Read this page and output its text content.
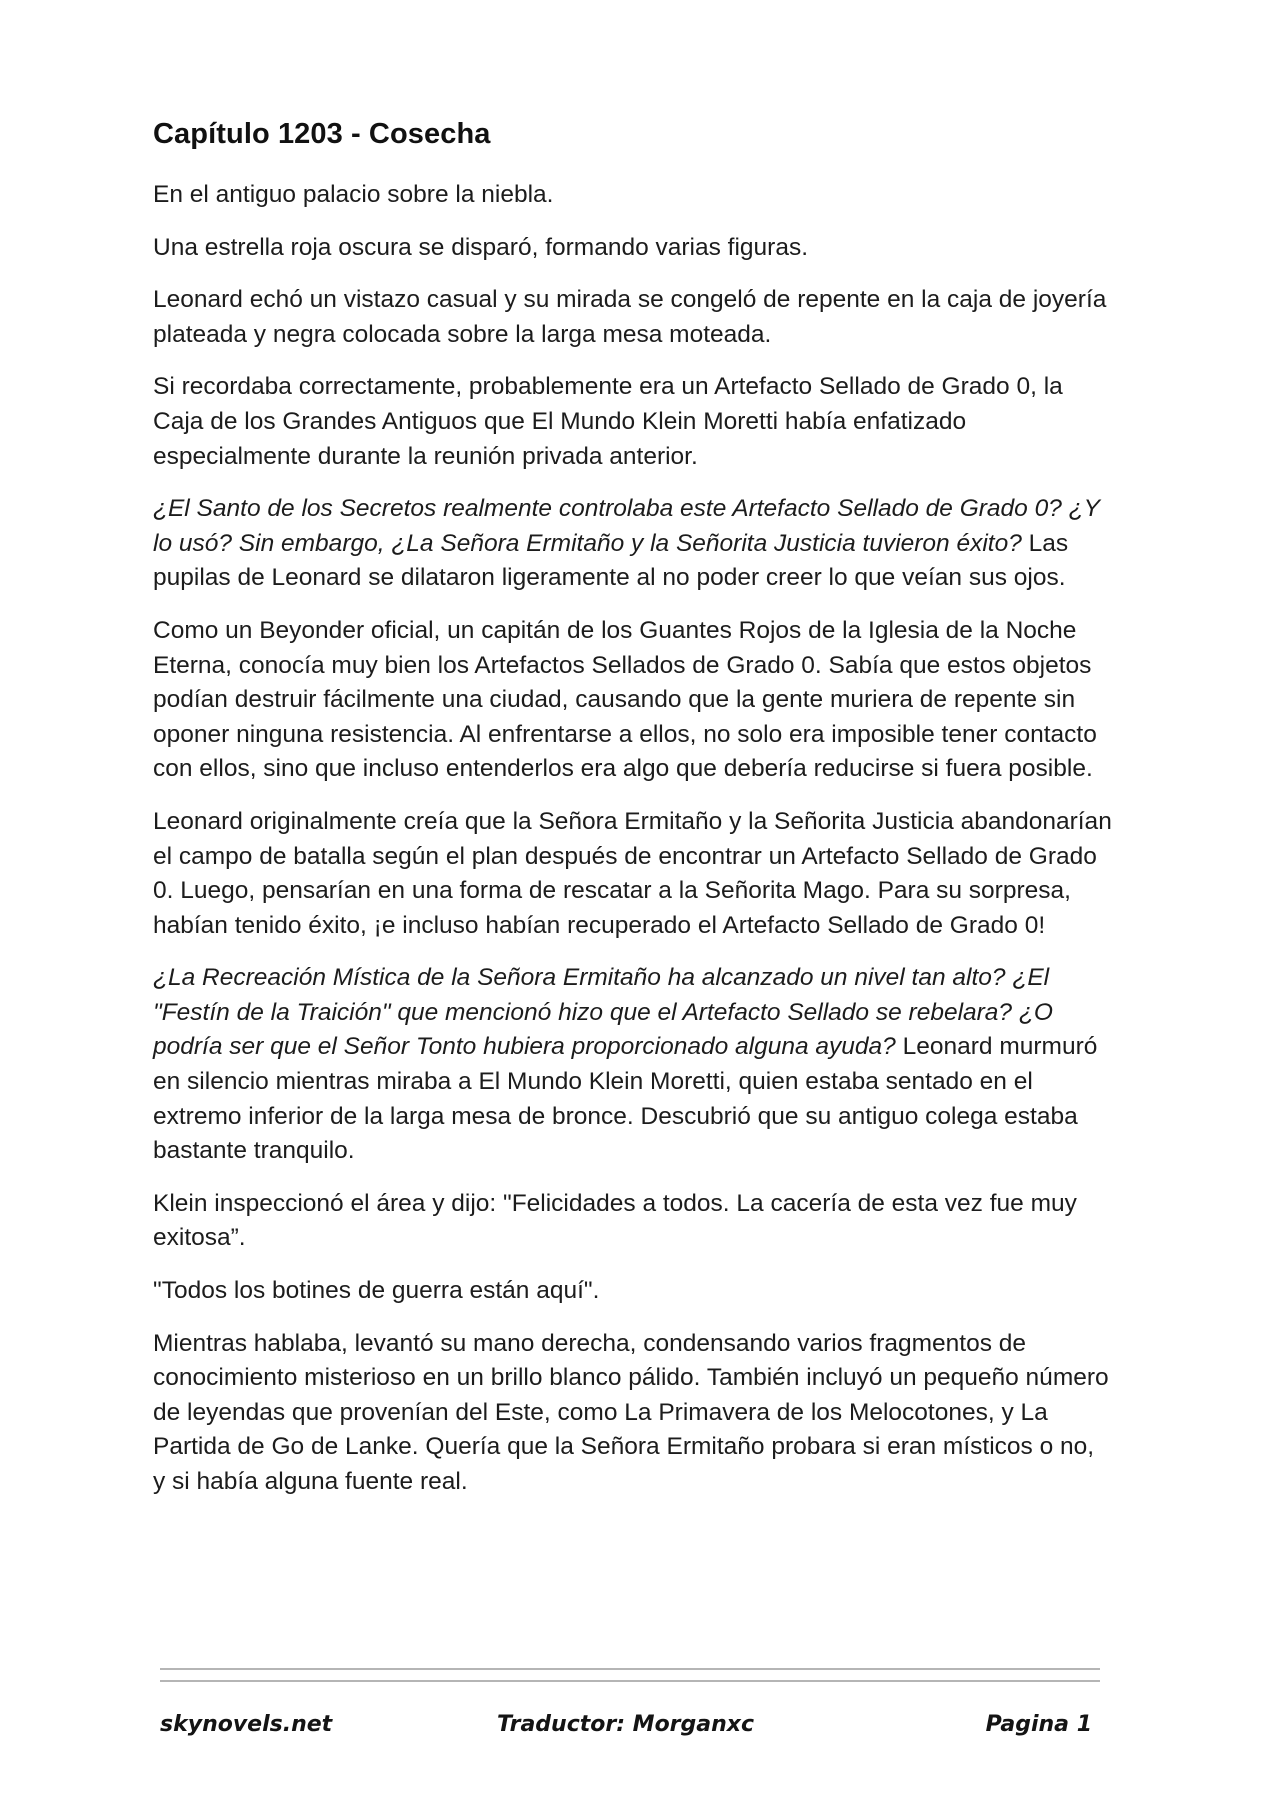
Capítulo 1203 - Cosecha

En el antiguo palacio sobre la niebla.

Una estrella roja oscura se disparó, formando varias figuras.

Leonard echó un vistazo casual y su mirada se congeló de repente en la caja de joyería plateada y negra colocada sobre la larga mesa moteada.

Si recordaba correctamente, probablemente era un Artefacto Sellado de Grado 0, la Caja de los Grandes Antiguos que El Mundo Klein Moretti había enfatizado especialmente durante la reunión privada anterior.

¿El Santo de los Secretos realmente controlaba este Artefacto Sellado de Grado 0? ¿Y lo usó? Sin embargo, ¿La Señora Ermitaño y la Señorita Justicia tuvieron éxito? Las pupilas de Leonard se dilataron ligeramente al no poder creer lo que veían sus ojos.

Como un Beyonder oficial, un capitán de los Guantes Rojos de la Iglesia de la Noche Eterna, conocía muy bien los Artefactos Sellados de Grado 0. Sabía que estos objetos podían destruir fácilmente una ciudad, causando que la gente muriera de repente sin oponer ninguna resistencia. Al enfrentarse a ellos, no solo era imposible tener contacto con ellos, sino que incluso entenderlos era algo que debería reducirse si fuera posible.

Leonard originalmente creía que la Señora Ermitaño y la Señorita Justicia abandonarían el campo de batalla según el plan después de encontrar un Artefacto Sellado de Grado 0. Luego, pensarían en una forma de rescatar a la Señorita Mago. Para su sorpresa, habían tenido éxito, ¡e incluso habían recuperado el Artefacto Sellado de Grado 0!

¿La Recreación Mística de la Señora Ermitaño ha alcanzado un nivel tan alto? ¿El "Festín de la Traición" que mencionó hizo que el Artefacto Sellado se rebelara? ¿O podría ser que el Señor Tonto hubiera proporcionado alguna ayuda? Leonard murmuró en silencio mientras miraba a El Mundo Klein Moretti, quien estaba sentado en el extremo inferior de la larga mesa de bronce. Descubrió que su antiguo colega estaba bastante tranquilo.

Klein inspeccionó el área y dijo: "Felicidades a todos. La cacería de esta vez fue muy exitosa”.

"Todos los botines de guerra están aquí".

Mientras hablaba, levantó su mano derecha, condensando varios fragmentos de conocimiento misterioso en un brillo blanco pálido. También incluyó un pequeño número de leyendas que provenían del Este, como La Primavera de los Melocotones, y La Partida de Go de Lanke. Quería que la Señora Ermitaño probara si eran místicos o no, y si había alguna fuente real.

skynovels.net	Traductor: Morganxc	Pagina 1
